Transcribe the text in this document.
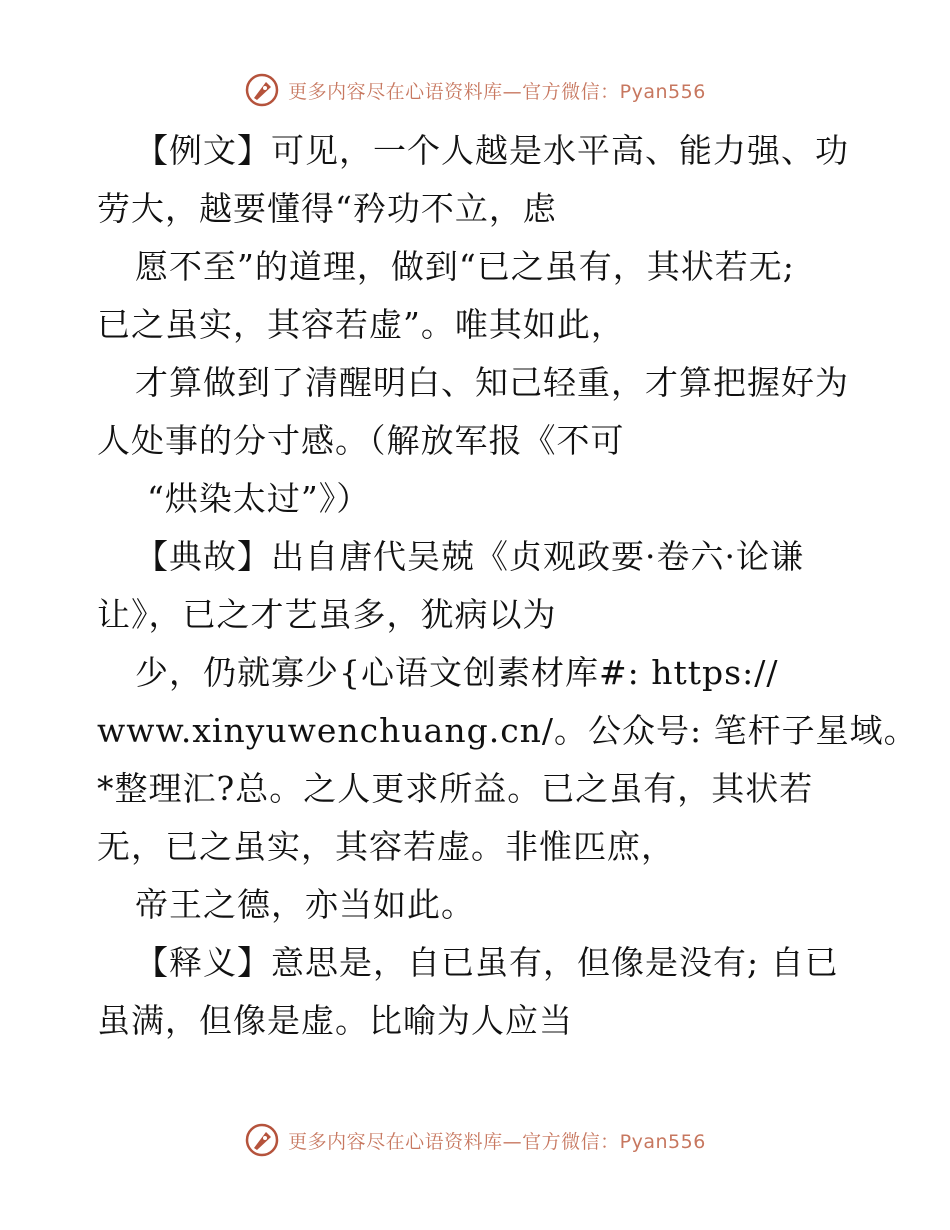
更多内容尽在心语资料库—官方微信：Pyan556
【例文】可见，一个人越是水平高、能力强、功
劳大，越要懂得“矜功不立，虑
愿不至”的道理，做到“已之虽有，其状若无;
已之虽实，其容若虚”。唯其如此，
才算做到了清醒明白、知己轻重，才算把握好为
人处事的分寸感。（解放军报《不可
“烘染太过”》）
【典故】出自唐代吴兢《贞观政要·卷六·论谦
让》，已之才艺虽多，犹病以为
少，仍就寡少{心语文创素材库#: https://
www.xinyuwenchuang.cn/。公众号: 笔杆子星域。
*整理汇?总。之人更求所益。已之虽有，其状若
无，已之虽实，其容若虚。非惟匹庶，
帝王之德，亦当如此。
【释义】意思是，自已虽有，但像是没有; 自已
虽满，但像是虚。比喻为人应当
更多内容尽在心语资料库—官方微信：Pyan556
